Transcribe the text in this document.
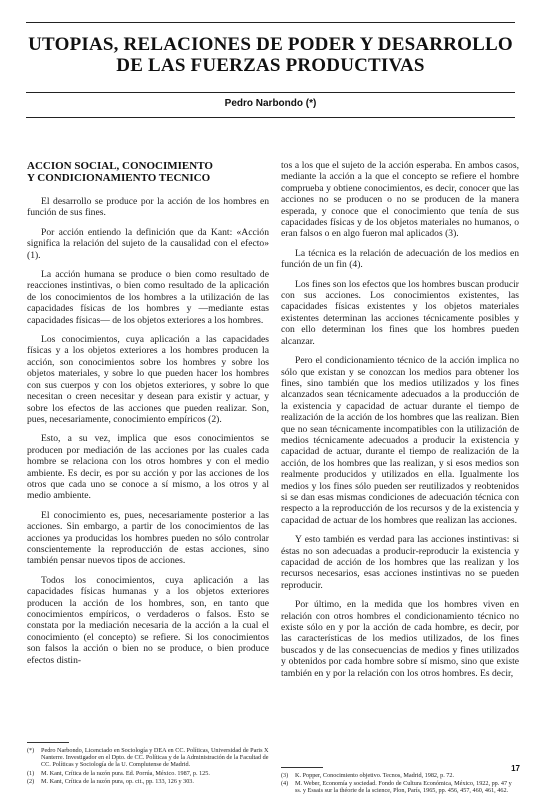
UTOPIAS, RELACIONES DE PODER Y DESARROLLO
DE LAS FUERZAS PRODUCTIVAS
Pedro Narbondo (*)
ACCION SOCIAL, CONOCIMIENTO
Y CONDICIONAMIENTO TECNICO

El desarrollo se produce por la acción de los hombres en función de sus fines.

Por acción entiendo la definición que da Kant: «Acción significa la relación del sujeto de la causalidad con el efecto» (1).

La acción humana se produce o bien como resultado de reacciones instintivas, o bien como resultado de la aplicación de los conocimientos de los hombres a la utilización de las capacidades físicas de los hombres y —mediante estas capacidades físicas— de los objetos exteriores a los hombres.

Los conocimientos, cuya aplicación a las capacidades físicas y a los objetos exteriores a los hombres producen la acción, son conocimientos sobre los hombres y sobre los objetos materiales, y sobre lo que pueden hacer los hombres con sus cuerpos y con los objetos exteriores, y sobre lo que necesitan o creen necesitar y desean para existir y actuar, y sobre los efectos de las acciones que pueden realizar. Son, pues, necesariamente, conocimiento empíricos (2).

Esto, a su vez, implica que esos conocimientos se producen por mediación de las acciones por las cuales cada hombre se relaciona con los otros hombres y con el medio ambiente. Es decir, es por su acción y por las acciones de los otros que cada uno se conoce a sí mismo, a los otros y al medio ambiente.

El conocimiento es, pues, necesariamente posterior a las acciones. Sin embargo, a partir de los conocimientos de las acciones ya producidas los hombres pueden no sólo controlar conscientemente la reproducción de estas acciones, sino también pensar nuevos tipos de acciones.

Todos los conocimientos, cuya aplicación a las capacidades físicas humanas y a los objetos exteriores producen la acción de los hombres, son, en tanto que conocimientos empíricos, o verdaderos o falsos. Esto se constata por la mediación necesaria de la acción a la cual el conocimiento (el concepto) se refiere. Si los conocimientos son falsos la acción o bien no se produce, o bien produce efectos distin-

tos a los que el sujeto de la acción esperaba. En ambos casos, mediante la acción a la que el concepto se refiere el hombre comprueba y obtiene conocimientos, es decir, conocer que las acciones no se producen o no se producen de la manera esperada, y conoce que el conocimiento que tenía de sus capacidades físicas y de los objetos materiales no humanos, o eran falsos o en algo fueron mal aplicados (3).

La técnica es la relación de adecuación de los medios en función de un fin (4).

Los fines son los efectos que los hombres buscan producir con sus acciones. Los conocimientos existentes, las capacidades físicas existentes y los objetos materiales existentes determinan las acciones técnicamente posibles y con ello determinan los fines que los hombres pueden alcanzar.

Pero el condicionamiento técnico de la acción implica no sólo que existan y se conozcan los medios para obtener los fines, sino también que los medios utilizados y los fines alcanzados sean técnicamente adecuados a la producción de la existencia y capacidad de actuar durante el tiempo de realización de la acción de los hombres que las realizan. Bien que no sean técnicamente incompatibles con la utilización de medios técnicamente adecuados a producir la existencia y capacidad de actuar, durante el tiempo de realización de la acción, de los hombres que las realizan, y si esos medios son realmente producidos y utilizados en ella. Igualmente los medios y los fines sólo pueden ser reutilizados y reobtenidos si se dan esas mismas condiciones de adecuación técnica con respecto a la reproducción de los recursos y de la existencia y capacidad de actuar de los hombres que realizan las acciones.

Y esto también es verdad para las acciones instintivas: si éstas no son adecuadas a producir-reproducir la existencia y capacidad de acción de los hombres que las realizan y los recursos necesarios, esas acciones instintivas no se pueden reproducir.

Por último, en la medida que los hombres viven en relación con otros hombres el condicionamiento técnico no existe sólo en y por la acción de cada hombre, es decir, por las características de los medios utilizados, de los fines buscados y de las consecuencias de medios y fines utilizados y obtenidos por cada hombre sobre sí mismo, sino que existe también en y por la relación con los otros hombres. Es decir,

(*)	Pedro Narbondo, Licenciado en Sociología y DEA en CC. Políticas, Universidad de Paris X Nanterre. Investigador en el Dpto. de CC. Políticas y de la Administración de la Facultad de CC. Políticas y Sociología de la U. Complutense de Madrid.
(1)	M. Kant, Crítica de la razón pura. Ed. Porrúa, México. 1987, p. 125.
(2)	M. Kant, Crítica de la razón pura, op. cit., pp. 133, 126 y 303.
(3)	K. Popper, Conocimiento objetivo. Tecnos, Madrid, 1982, p. 72.
(4)	M. Weber, Economía y sociedad. Fondo de Cultura Económica, México, 1922, pp. 47 y ss. y Essais sur la théorie de la science, Plon, París, 1965, pp. 456, 457, 460, 461, 462.
17
